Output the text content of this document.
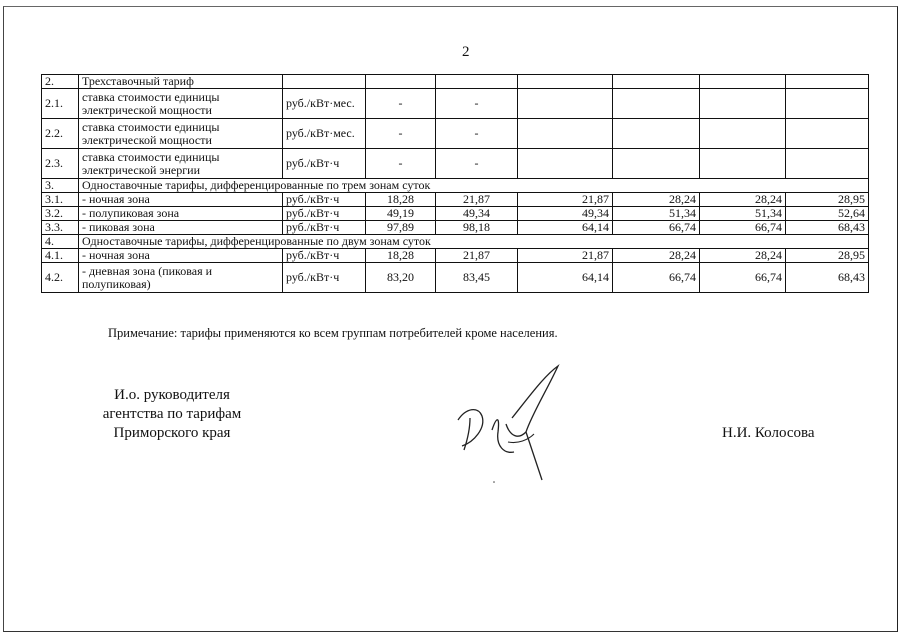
2
2.	Трехставочный тариф							
2.1.	ставка стоимости единицы электрической мощности	руб./кВт·мес.	-	-				
2.2.	ставка стоимости единицы электрической мощности	руб./кВт·мес.	-	-				
2.3.	ставка стоимости единицы электрической энергии	руб./кВт·ч	-	-				
3.	Одноставочные тарифы, дифференцированные по трем зонам суток							
3.1.	- ночная зона	руб./кВт·ч	18,28	21,87	21,87	28,24	28,24	28,95
3.2.	- полупиковая зона	руб./кВт·ч	49,19	49,34	49,34	51,34	51,34	52,64
3.3.	- пиковая зона	руб./кВт·ч	97,89	98,18	64,14	66,74	66,74	68,43
4.	Одноставочные тарифы, дифференцированные по двум зонам суток							
4.1.	- ночная зона	руб./кВт·ч	18,28	21,87	21,87	28,24	28,24	28,95
4.2.	- дневная зона (пиковая и полупиковая)	руб./кВт·ч	83,20	83,45	64,14	66,74	66,74	68,43
Примечание: тарифы применяются ко всем группам потребителей кроме населения.
И.о. руководителя
агентства по тарифам
Приморского края	Н.И. Колосова
